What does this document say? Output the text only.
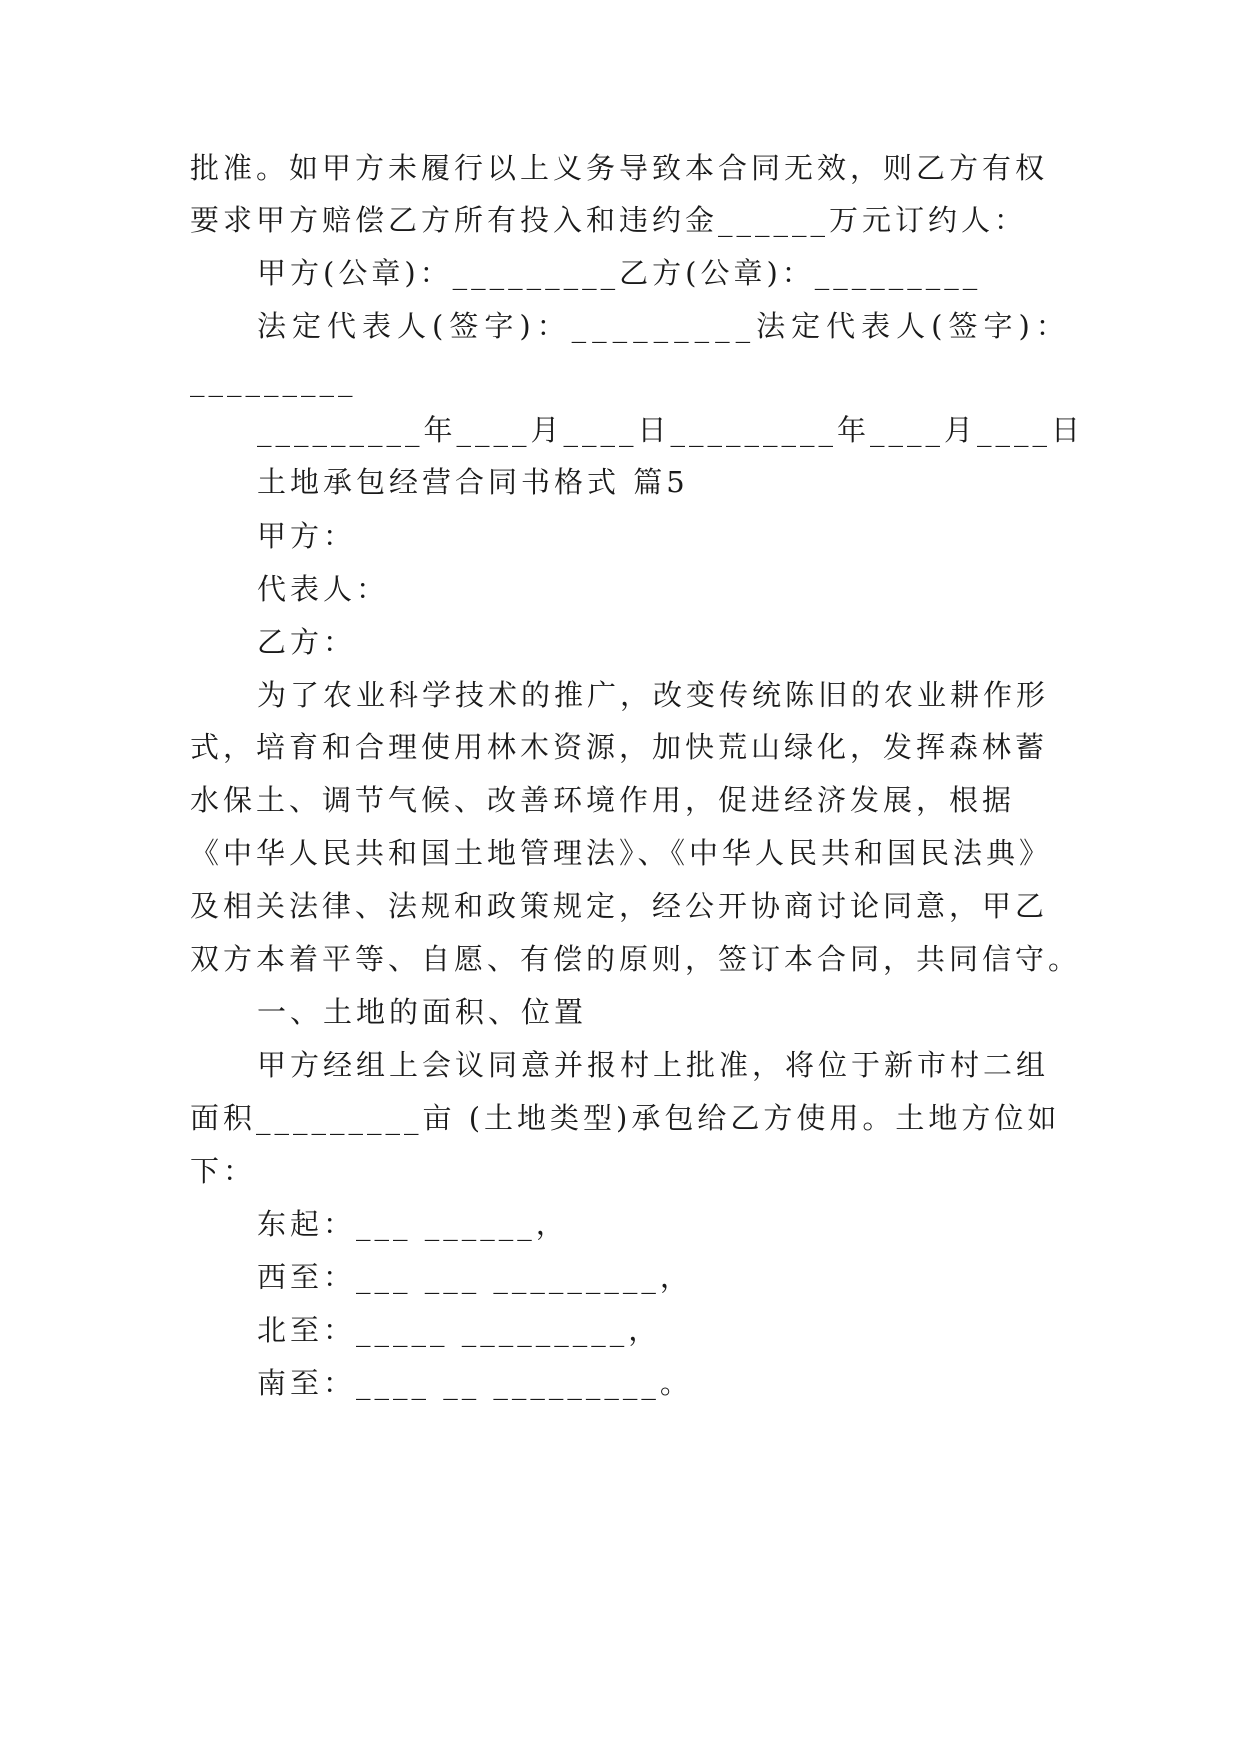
批准。如甲方未履行以上义务导致本合同无效，则乙方有权
要求甲方赔偿乙方所有投入和违约金______万元订约人：
甲方(公章)：_________乙方(公章)：_________
法定代表人(签字)：_________法定代表人(签字)：
_________
_________年____月____日_________年____月____日
土地承包经营合同书格式 篇5
甲方：
代表人：
乙方：
为了农业科学技术的推广，改变传统陈旧的农业耕作形
式，培育和合理使用林木资源，加快荒山绿化，发挥森林蓄
水保土、调节气候、改善环境作用，促进经济发展，根据
《中华人民共和国土地管理法》、《中华人民共和国民法典》
及相关法律、法规和政策规定，经公开协商讨论同意，甲乙
双方本着平等、自愿、有偿的原则，签订本合同，共同信守。
一、土地的面积、位置
甲方经组上会议同意并报村上批准，将位于新市村二组
面积_________亩 (土地类型)承包给乙方使用。土地方位如
下：
东起：___ ______，
西至：___ ___ _________，
北至：_____ _________，
南至：____ __ _________。
